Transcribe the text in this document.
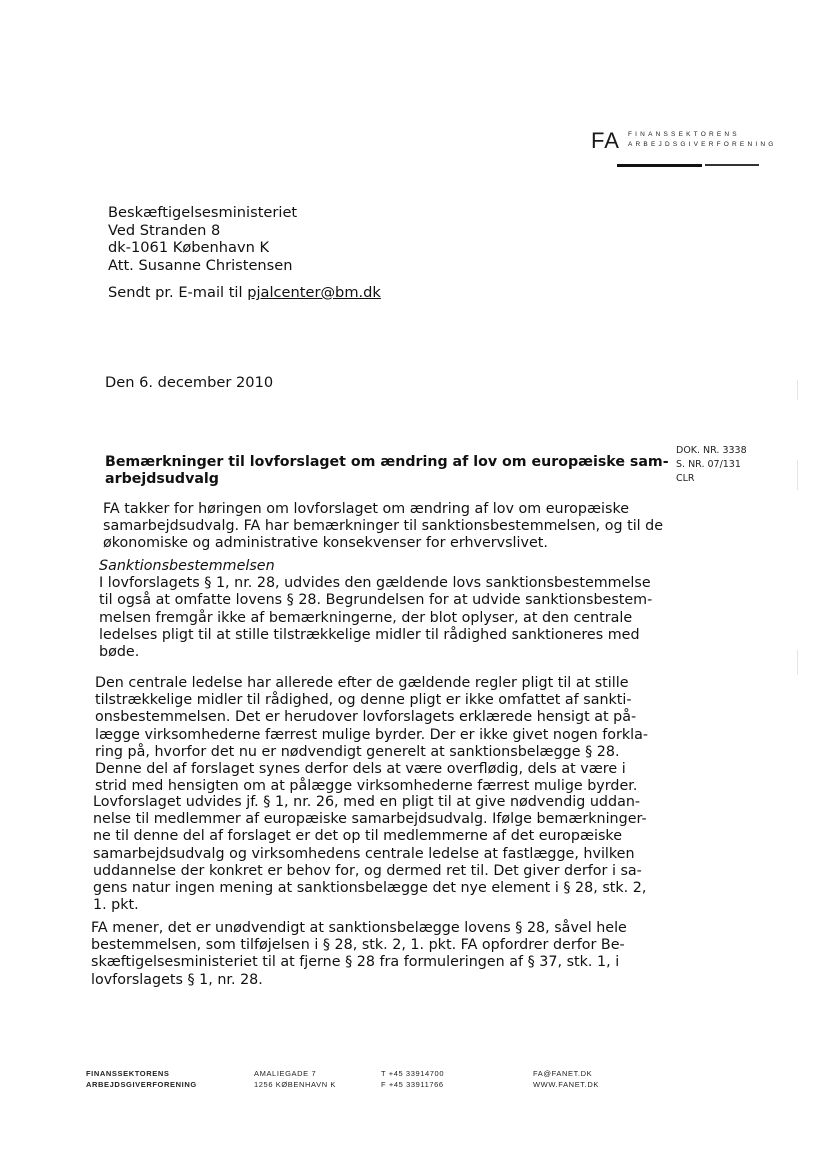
FA FINANSSEKTORENS
ARBEJDSGIVERFORENING
Beskæftigelsesministeriet
Ved Stranden 8
dk-1061 København K
Att. Susanne Christensen
Sendt pr. E-mail til pjalcenter@bm.dk
Den 6. december 2010
DOK. NR. 3338
S. NR. 07/131
CLR
Bemærkninger til lovforslaget om ændring af lov om europæiske sam-
arbejdsudvalg
FA takker for høringen om lovforslaget om ændring af lov om europæiske
samarbejdsudvalg. FA har bemærkninger til sanktionsbestemmelsen, og til de
økonomiske og administrative konsekvenser for erhvervslivet.
Sanktionsbestemmelsen
I lovforslagets § 1, nr. 28, udvides den gældende lovs sanktionsbestemmelse
til også at omfatte lovens § 28. Begrundelsen for at udvide sanktionsbestem-
melsen fremgår ikke af bemærkningerne, der blot oplyser, at den centrale
ledelses pligt til at stille tilstrækkelige midler til rådighed sanktioneres med
bøde.
Den centrale ledelse har allerede efter de gældende regler pligt til at stille
tilstrækkelige midler til rådighed, og denne pligt er ikke omfattet af sankti-
onsbestemmelsen. Det er herudover lovforslagets erklærede hensigt at på-
lægge virksomhederne færrest mulige byrder. Der er ikke givet nogen forkla-
ring på, hvorfor det nu er nødvendigt generelt at sanktionsbelægge § 28.
Denne del af forslaget synes derfor dels at være overflødig, dels at være i
strid med hensigten om at pålægge virksomhederne færrest mulige byrder.
Lovforslaget udvides jf. § 1, nr. 26, med en pligt til at give nødvendig uddan-
nelse til medlemmer af europæiske samarbejdsudvalg. Ifølge bemærkninger-
ne til denne del af forslaget er det op til medlemmerne af det europæiske
samarbejdsudvalg og virksomhedens centrale ledelse at fastlægge, hvilken
uddannelse der konkret er behov for, og dermed ret til. Det giver derfor i sa-
gens natur ingen mening at sanktionsbelægge det nye element i § 28, stk. 2,
1. pkt.
FA mener, det er unødvendigt at sanktionsbelægge lovens § 28, såvel hele
bestemmelsen, som tilføjelsen i § 28, stk. 2, 1. pkt. FA opfordrer derfor Be-
skæftigelsesministeriet til at fjerne § 28 fra formuleringen af § 37, stk. 1, i
lovforslagets § 1, nr. 28.
FINANSSEKTORENS
ARBEJDSGIVERFORENING
AMALIEGADE 7
1256 KØBENHAVN K
T +45 33914700
F +45 33911766
FA@FANET.DK
WWW.FANET.DK
